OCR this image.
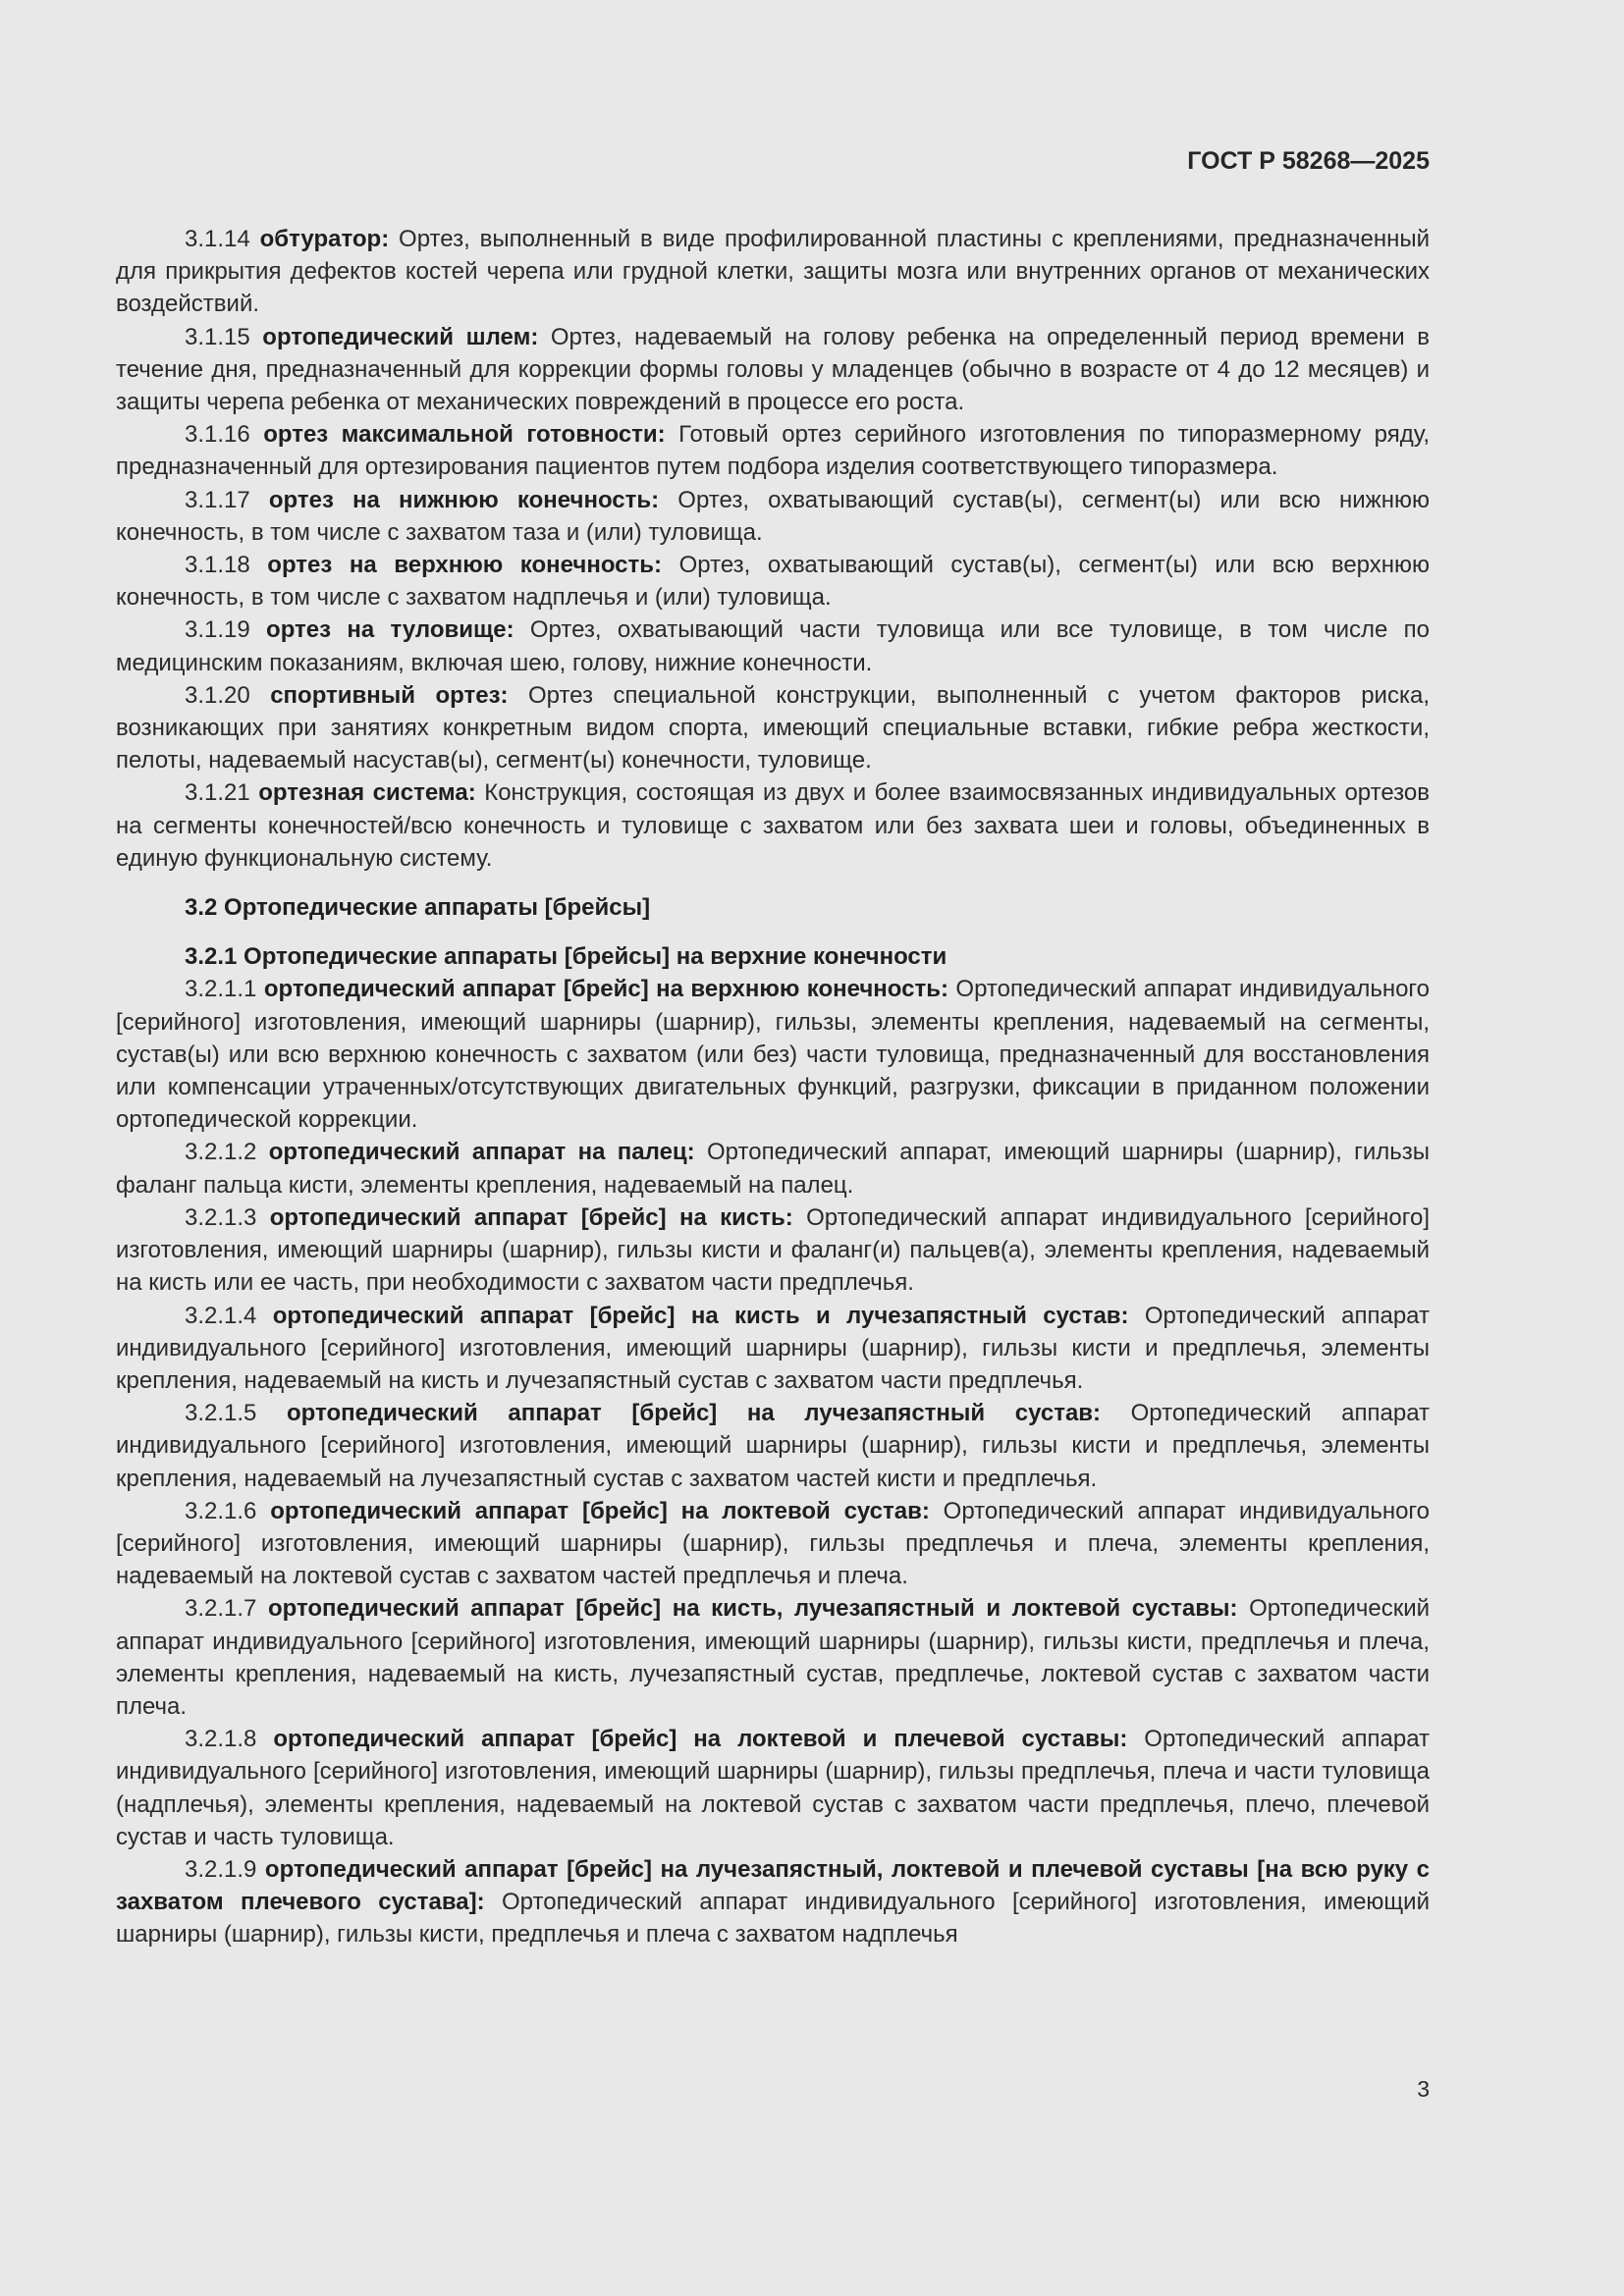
ГОСТ Р 58268—2025

3.1.14 обтуратор: Ортез, выполненный в виде профилированной пластины с креплениями, предназначенный для прикрытия дефектов костей черепа или грудной клетки, защиты мозга или внутренних органов от механических воздействий.

3.1.15 ортопедический шлем: Ортез, надеваемый на голову ребенка на определенный период времени в течение дня, предназначенный для коррекции формы головы у младенцев (обычно в возрасте от 4 до 12 месяцев) и защиты черепа ребенка от механических повреждений в процессе его роста.

3.1.16 ортез максимальной готовности: Готовый ортез серийного изготовления по типоразмерному ряду, предназначенный для ортезирования пациентов путем подбора изделия соответствующего типоразмера.

3.1.17 ортез на нижнюю конечность: Ортез, охватывающий сустав(ы), сегмент(ы) или всю нижнюю конечность, в том числе с захватом таза и (или) туловища.

3.1.18 ортез на верхнюю конечность: Ортез, охватывающий сустав(ы), сегмент(ы) или всю верхнюю конечность, в том числе с захватом надплечья и (или) туловища.

3.1.19 ортез на туловище: Ортез, охватывающий части туловища или все туловище, в том числе по медицинским показаниям, включая шею, голову, нижние конечности.

3.1.20 спортивный ортез: Ортез специальной конструкции, выполненный с учетом факторов риска, возникающих при занятиях конкретным видом спорта, имеющий специальные вставки, гибкие ребра жесткости, пелоты, надеваемый насустав(ы), сегмент(ы) конечности, туловище.

3.1.21 ортезная система: Конструкция, состоящая из двух и более взаимосвязанных индивидуальных ортезов на сегменты конечностей/всю конечность и туловище с захватом или без захвата шеи и головы, объединенных в единую функциональную систему.

3.2 Ортопедические аппараты [брейсы]
3.2.1 Ортопедические аппараты [брейсы] на верхние конечности

3.2.1.1 ортопедический аппарат [брейс] на верхнюю конечность: Ортопедический аппарат индивидуального [серийного] изготовления, имеющий шарниры (шарнир), гильзы, элементы крепления, надеваемый на сегменты, сустав(ы) или всю верхнюю конечность с захватом (или без) части туловища, предназначенный для восстановления или компенсации утраченных/отсутствующих двигательных функций, разгрузки, фиксации в приданном положении ортопедической коррекции.

3.2.1.2 ортопедический аппарат на палец: Ортопедический аппарат, имеющий шарниры (шарнир), гильзы фаланг пальца кисти, элементы крепления, надеваемый на палец.

3.2.1.3 ортопедический аппарат [брейс] на кисть: Ортопедический аппарат индивидуального [серийного] изготовления, имеющий шарниры (шарнир), гильзы кисти и фаланг(и) пальцев(а), элементы крепления, надеваемый на кисть или ее часть, при необходимости с захватом части предплечья.

3.2.1.4 ортопедический аппарат [брейс] на кисть и лучезапястный сустав: Ортопедический аппарат индивидуального [серийного] изготовления, имеющий шарниры (шарнир), гильзы кисти и предплечья, элементы крепления, надеваемый на кисть и лучезапястный сустав с захватом части предплечья.

3.2.1.5 ортопедический аппарат [брейс] на лучезапястный сустав: Ортопедический аппарат индивидуального [серийного] изготовления, имеющий шарниры (шарнир), гильзы кисти и предплечья, элементы крепления, надеваемый на лучезапястный сустав с захватом частей кисти и предплечья.

3.2.1.6 ортопедический аппарат [брейс] на локтевой сустав: Ортопедический аппарат индивидуального [серийного] изготовления, имеющий шарниры (шарнир), гильзы предплечья и плеча, элементы крепления, надеваемый на локтевой сустав с захватом частей предплечья и плеча.

3.2.1.7 ортопедический аппарат [брейс] на кисть, лучезапястный и локтевой суставы: Ортопедический аппарат индивидуального [серийного] изготовления, имеющий шарниры (шарнир), гильзы кисти, предплечья и плеча, элементы крепления, надеваемый на кисть, лучезапястный сустав, предплечье, локтевой сустав с захватом части плеча.

3.2.1.8 ортопедический аппарат [брейс] на локтевой и плечевой суставы: Ортопедический аппарат индивидуального [серийного] изготовления, имеющий шарниры (шарнир), гильзы предплечья, плеча и части туловища (надплечья), элементы крепления, надеваемый на локтевой сустав с захватом части предплечья, плечо, плечевой сустав и часть туловища.

3.2.1.9 ортопедический аппарат [брейс] на лучезапястный, локтевой и плечевой суставы [на всю руку с захватом плечевого сустава]: Ортопедический аппарат индивидуального [серийного] изготовления, имеющий шарниры (шарнир), гильзы кисти, предплечья и плеча с захватом надплечья

3
